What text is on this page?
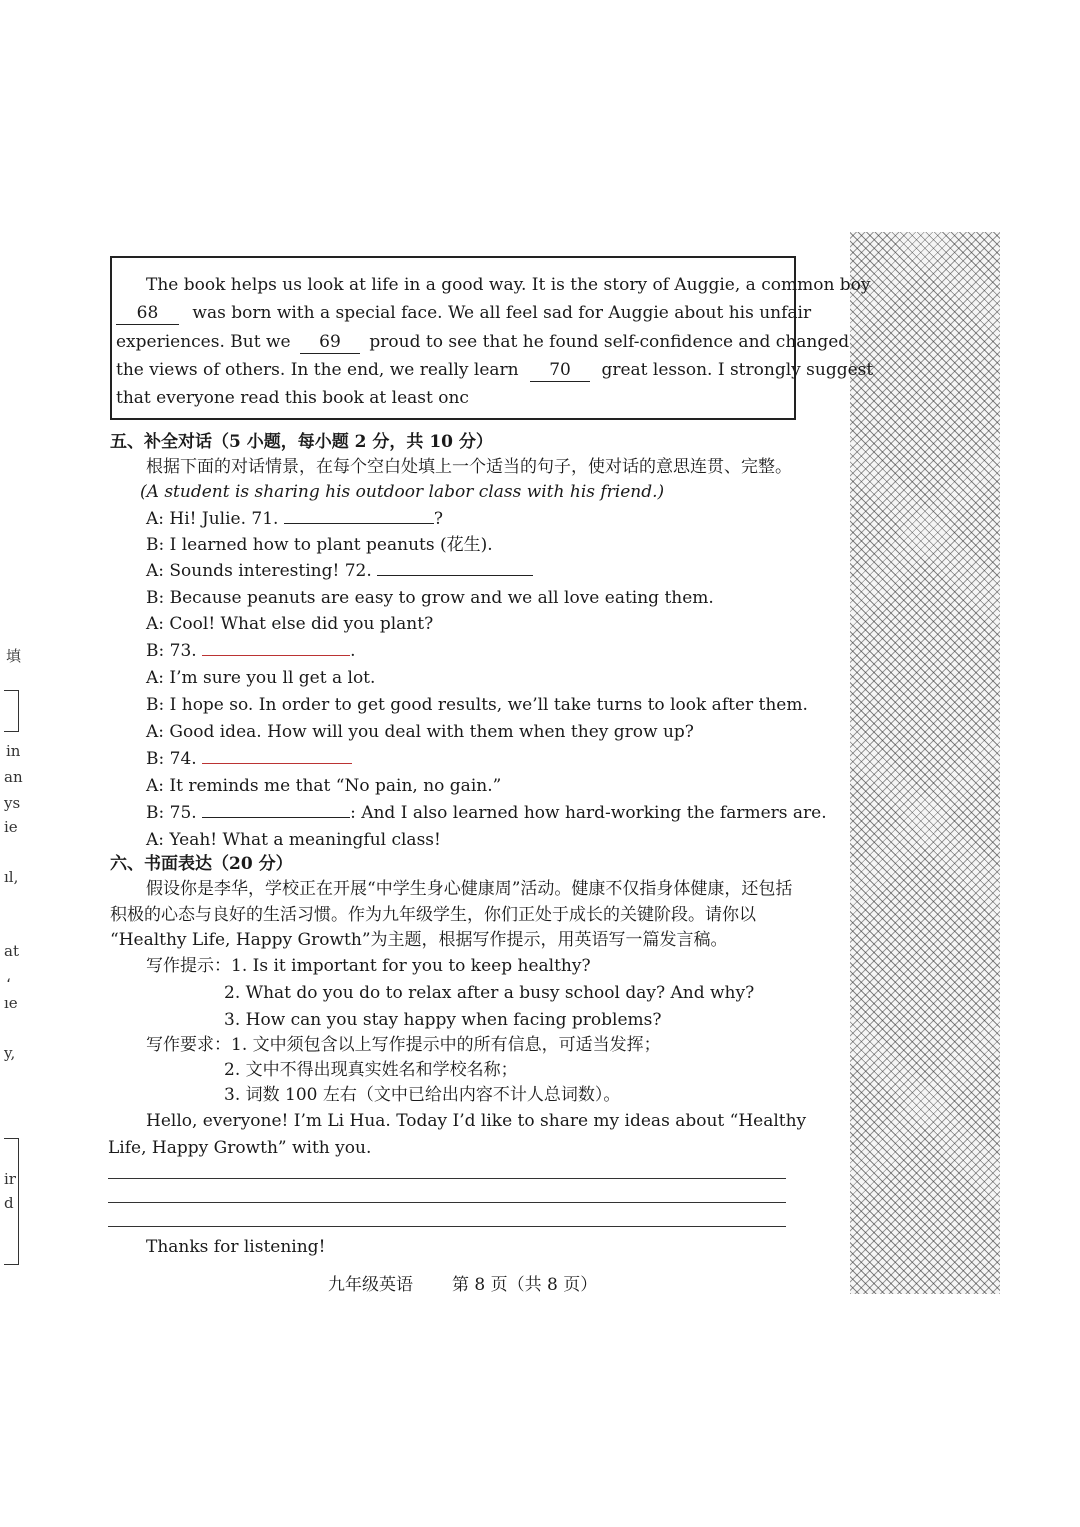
填
in
an
ys
ie
ıl,
at
،
ıe
y,
ir
d
The book helps us look at life in a good way. It is the story of Auggie, a common boy
68 was born with a special face. We all feel sad for Auggie about his unfair
experiences. But we 69 proud to see that he found self-confidence and changed
the views of others. In the end, we really learn 70 great lesson. I strongly suggest
that everyone read this book at least onc
五、补全对话（5 小题，每小题 2 分，共 10 分）
根据下面的对话情景，在每个空白处填上一个适当的句子，使对话的意思连贯、完整。
(A student is sharing his outdoor labor class with his friend.)
A: Hi! Julie. 71.	?
B: I learned how to plant peanuts (花生).
A: Sounds interesting! 72.
B: Because peanuts are easy to grow and we all love eating them.
A: Cool! What else did you plant?
B: 73.	.
A: I’m sure you ll get a lot.
B: I hope so. In order to get good results, we’ll take turns to look after them.
A: Good idea. How will you deal with them when they grow up?
B: 74.
A: It reminds me that “No pain, no gain.”
B: 75.	: And I also learned how hard-working the farmers are.
A: Yeah! What a meaningful class!
六、书面表达（20 分）
假设你是李华，学校正在开展“中学生身心健康周”活动。健康不仅指身体健康，还包括
积极的心态与良好的生活习惯。作为九年级学生，你们正处于成长的关键阶段。请你以
“Healthy Life, Happy Growth”为主题，根据写作提示，用英语写一篇发言稿。
写作提示：1. Is it important for you to keep healthy?
2. What do you do to relax after a busy school day? And why?
3. How can you stay happy when facing problems?
写作要求：1. 文中须包含以上写作提示中的所有信息，可适当发挥；
2. 文中不得出现真实姓名和学校名称；
3. 词数 100 左右（文中已给出内容不计人总词数）。
Hello, everyone! I’m Li Hua. Today I’d like to share my ideas about “Healthy
Life, Happy Growth” with you.
Thanks for listening!
九年级英语 第 8 页（共 8 页）
